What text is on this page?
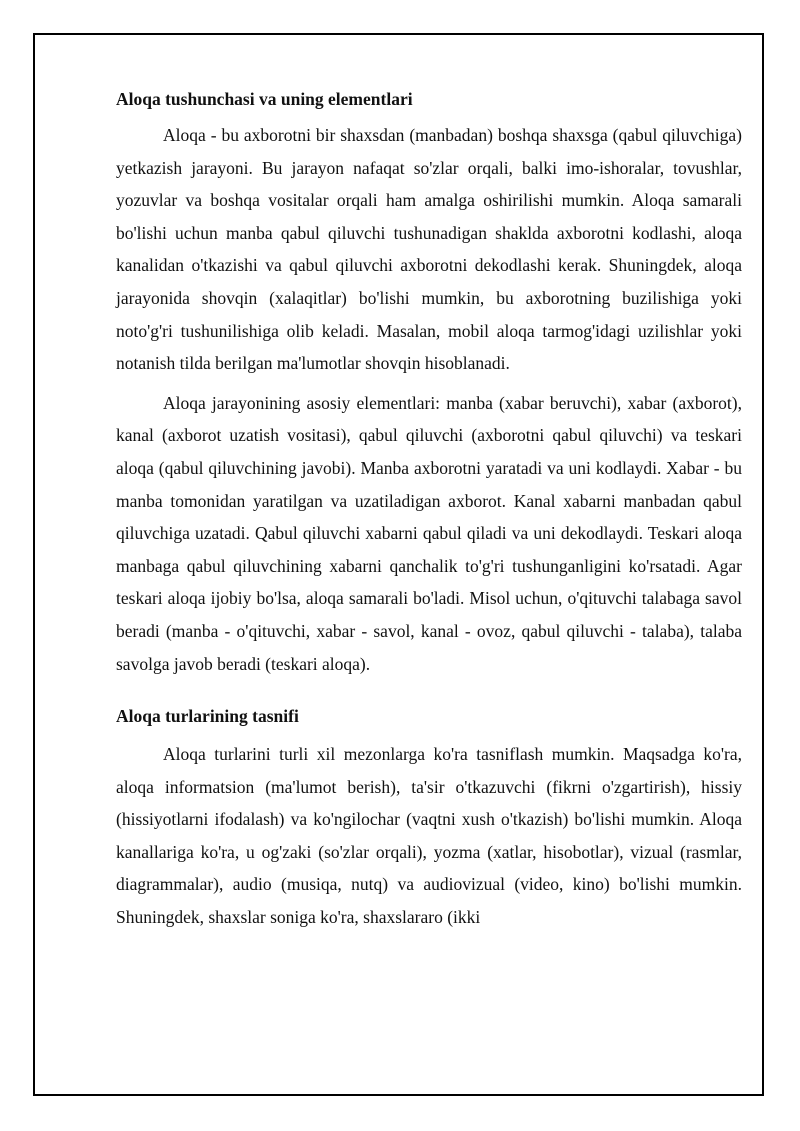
Aloqa tushunchasi va uning elementlari

Aloqa - bu axborotni bir shaxsdan (manbadan) boshqa shaxsga (qabul qiluvchiga) yetkazish jarayoni. Bu jarayon nafaqat so'zlar orqali, balki imo-ishoralar, tovushlar, yozuvlar va boshqa vositalar orqali ham amalga oshirilishi mumkin. Aloqa samarali bo'lishi uchun manba qabul qiluvchi tushunadigan shaklda axborotni kodlashi, aloqa kanalidan o'tkazishi va qabul qiluvchi axborotni dekodlashi kerak. Shuningdek, aloqa jarayonida shovqin (xalaqitlar) bo'lishi mumkin, bu axborotning buzilishiga yoki noto'g'ri tushunilishiga olib keladi. Masalan, mobil aloqa tarmog'idagi uzilishlar yoki notanish tilda berilgan ma'lumotlar shovqin hisoblanadi.

Aloqa jarayonining asosiy elementlari: manba (xabar beruvchi), xabar (axborot), kanal (axborot uzatish vositasi), qabul qiluvchi (axborotni qabul qiluvchi) va teskari aloqa (qabul qiluvchining javobi). Manba axborotni yaratadi va uni kodlaydi. Xabar - bu manba tomonidan yaratilgan va uzatiladigan axborot. Kanal xabarni manbadan qabul qiluvchiga uzatadi. Qabul qiluvchi xabarni qabul qiladi va uni dekodlaydi. Teskari aloqa manbaga qabul qiluvchining xabarni qanchalik to'g'ri tushunganligini ko'rsatadi. Agar teskari aloqa ijobiy bo'lsa, aloqa samarali bo'ladi. Misol uchun, o'qituvchi talabaga savol beradi (manba - o'qituvchi, xabar - savol, kanal - ovoz, qabul qiluvchi - talaba), talaba savolga javob beradi (teskari aloqa).

Aloqa turlarining tasnifi

Aloqa turlarini turli xil mezonlarga ko'ra tasniflash mumkin. Maqsadga ko'ra, aloqa informatsion (ma'lumot berish), ta'sir o'tkazuvchi (fikrni o'zgartirish), hissiy (hissiyotlarni ifodalash) va ko'ngilochar (vaqtni xush o'tkazish) bo'lishi mumkin. Aloqa kanallariga ko'ra, u og'zaki (so'zlar orqali), yozma (xatlar, hisobotlar), vizual (rasmlar, diagrammalar), audio (musiqa, nutq) va audiovizual (video, kino) bo'lishi mumkin. Shuningdek, shaxslar soniga ko'ra, shaxslararo (ikki
